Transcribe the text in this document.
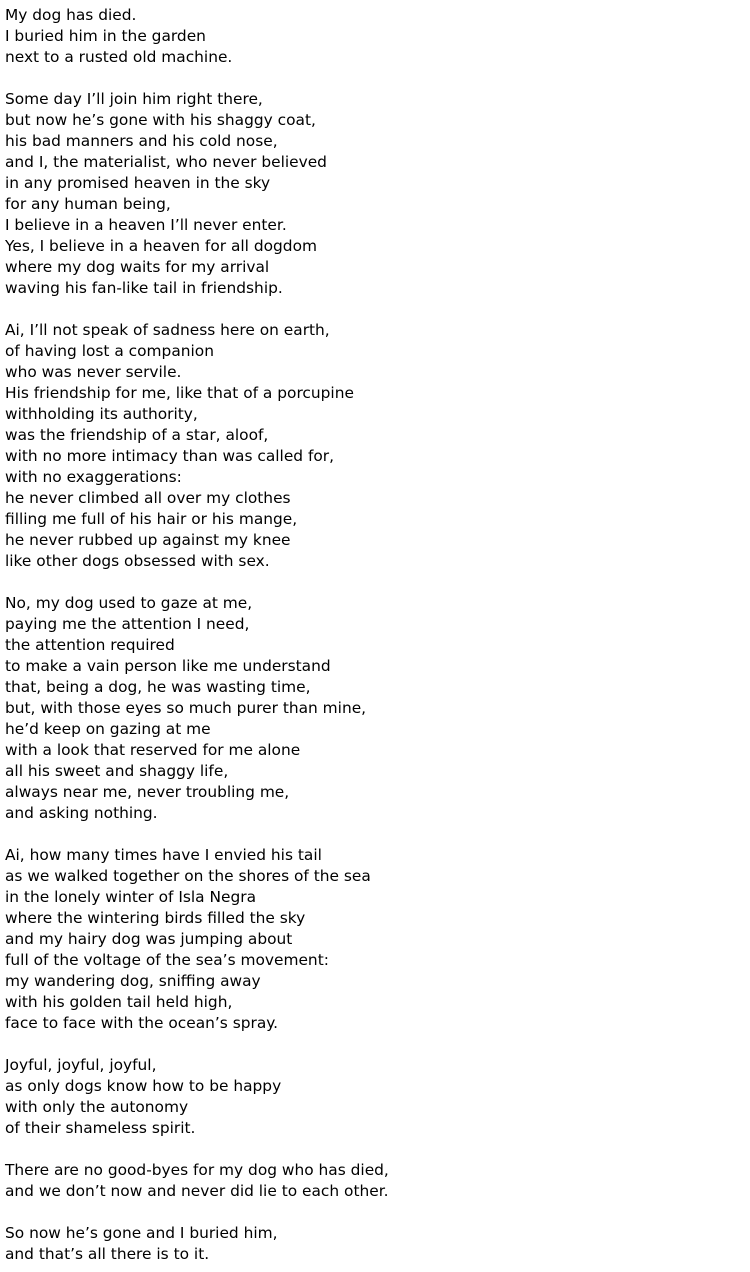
My dog has died.
I buried him in the garden
next to a rusted old machine.
Some day I’ll join him right there,
but now he’s gone with his shaggy coat,
his bad manners and his cold nose,
and I, the materialist, who never believed
in any promised heaven in the sky
for any human being,
I believe in a heaven I’ll never enter.
Yes, I believe in a heaven for all dogdom
where my dog waits for my arrival
waving his fan-like tail in friendship.
Ai, I’ll not speak of sadness here on earth,
of having lost a companion
who was never servile.
His friendship for me, like that of a porcupine
withholding its authority,
was the friendship of a star, aloof,
with no more intimacy than was called for,
with no exaggerations:
he never climbed all over my clothes
filling me full of his hair or his mange,
he never rubbed up against my knee
like other dogs obsessed with sex.
No, my dog used to gaze at me,
paying me the attention I need,
the attention required
to make a vain person like me understand
that, being a dog, he was wasting time,
but, with those eyes so much purer than mine,
he’d keep on gazing at me
with a look that reserved for me alone
all his sweet and shaggy life,
always near me, never troubling me,
and asking nothing.
Ai, how many times have I envied his tail
as we walked together on the shores of the sea
in the lonely winter of Isla Negra
where the wintering birds filled the sky
and my hairy dog was jumping about
full of the voltage of the sea’s movement:
my wandering dog, sniffing away
with his golden tail held high,
face to face with the ocean’s spray.
Joyful, joyful, joyful,
as only dogs know how to be happy
with only the autonomy
of their shameless spirit.
There are no good-byes for my dog who has died,
and we don’t now and never did lie to each other.
So now he’s gone and I buried him,
and that’s all there is to it.
